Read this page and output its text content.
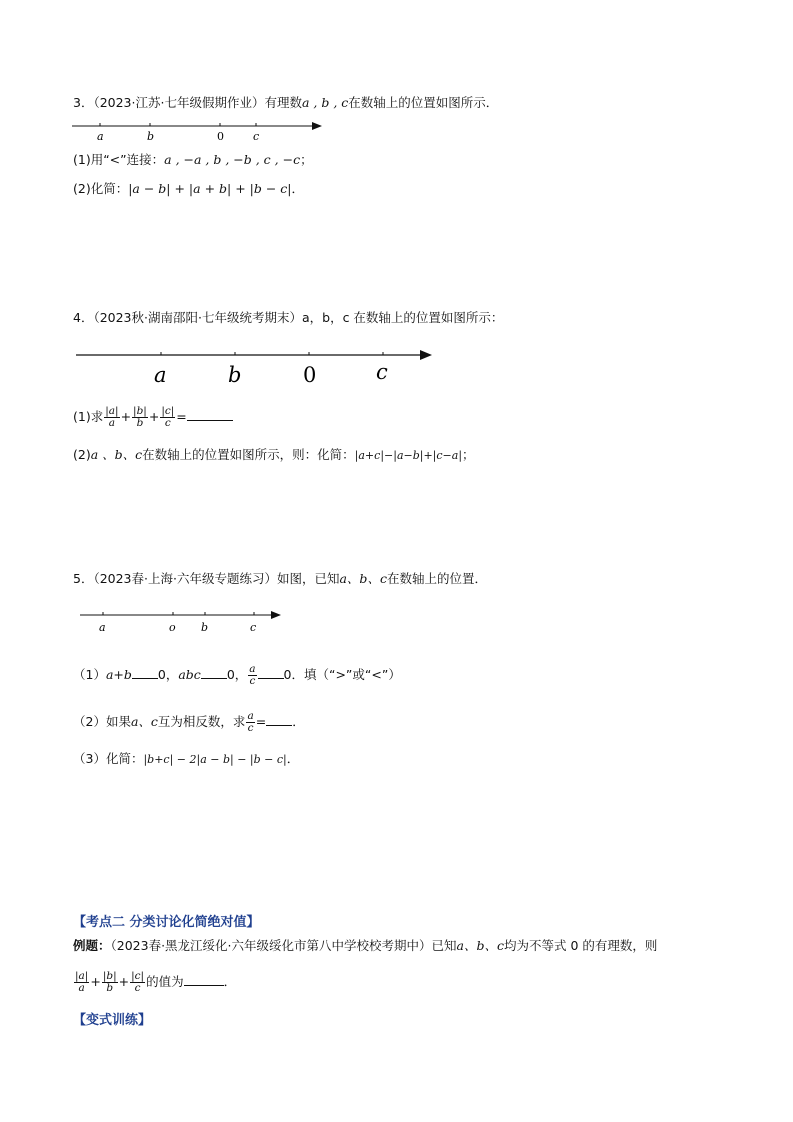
3．（2023·江苏·七年级假期作业）有理数a , b , c在数轴上的位置如图所示．
a	b	0	c
(1)用“<”连接：a , −a , b , −b , c , −c；
(2)化简：|a − b| + |a + b| + |b − c|．
4．（2023秋·湖南邵阳·七年级统考期末）a，b，c 在数轴上的位置如图所示：
a	b	0	c
(1)求 $\frac{|a|}{a} + \frac{|b|}{b} + \frac{|c|}{c}$ =
(2)a 、b、c在数轴上的位置如图所示，则：化简：|a+c|−|a−b|+|c−a|；
5．（2023春·上海·六年级专题练习）如图，已知a、b、c在数轴上的位置．
a	o b	c
（1）a+b 0，abc 0， $\frac{a}{c} 0$．填（“>”或“<”）
（2）如果a、c互为相反数，求 $\frac{a}{c}$ = ．
（3）化简：|b+c| − 2|a − b| − |b − c|．
【考点二 分类讨论化简绝对值】
例题：（2023春·黑龙江绥化·六年级绥化市第八中学校校考期中）已知a、b、c均为不等式 0 的有理数，则
$\frac{|a|}{a} + \frac{|b|}{b} + \frac{|c|}{c}$ 的值为	．
【变式训练】
